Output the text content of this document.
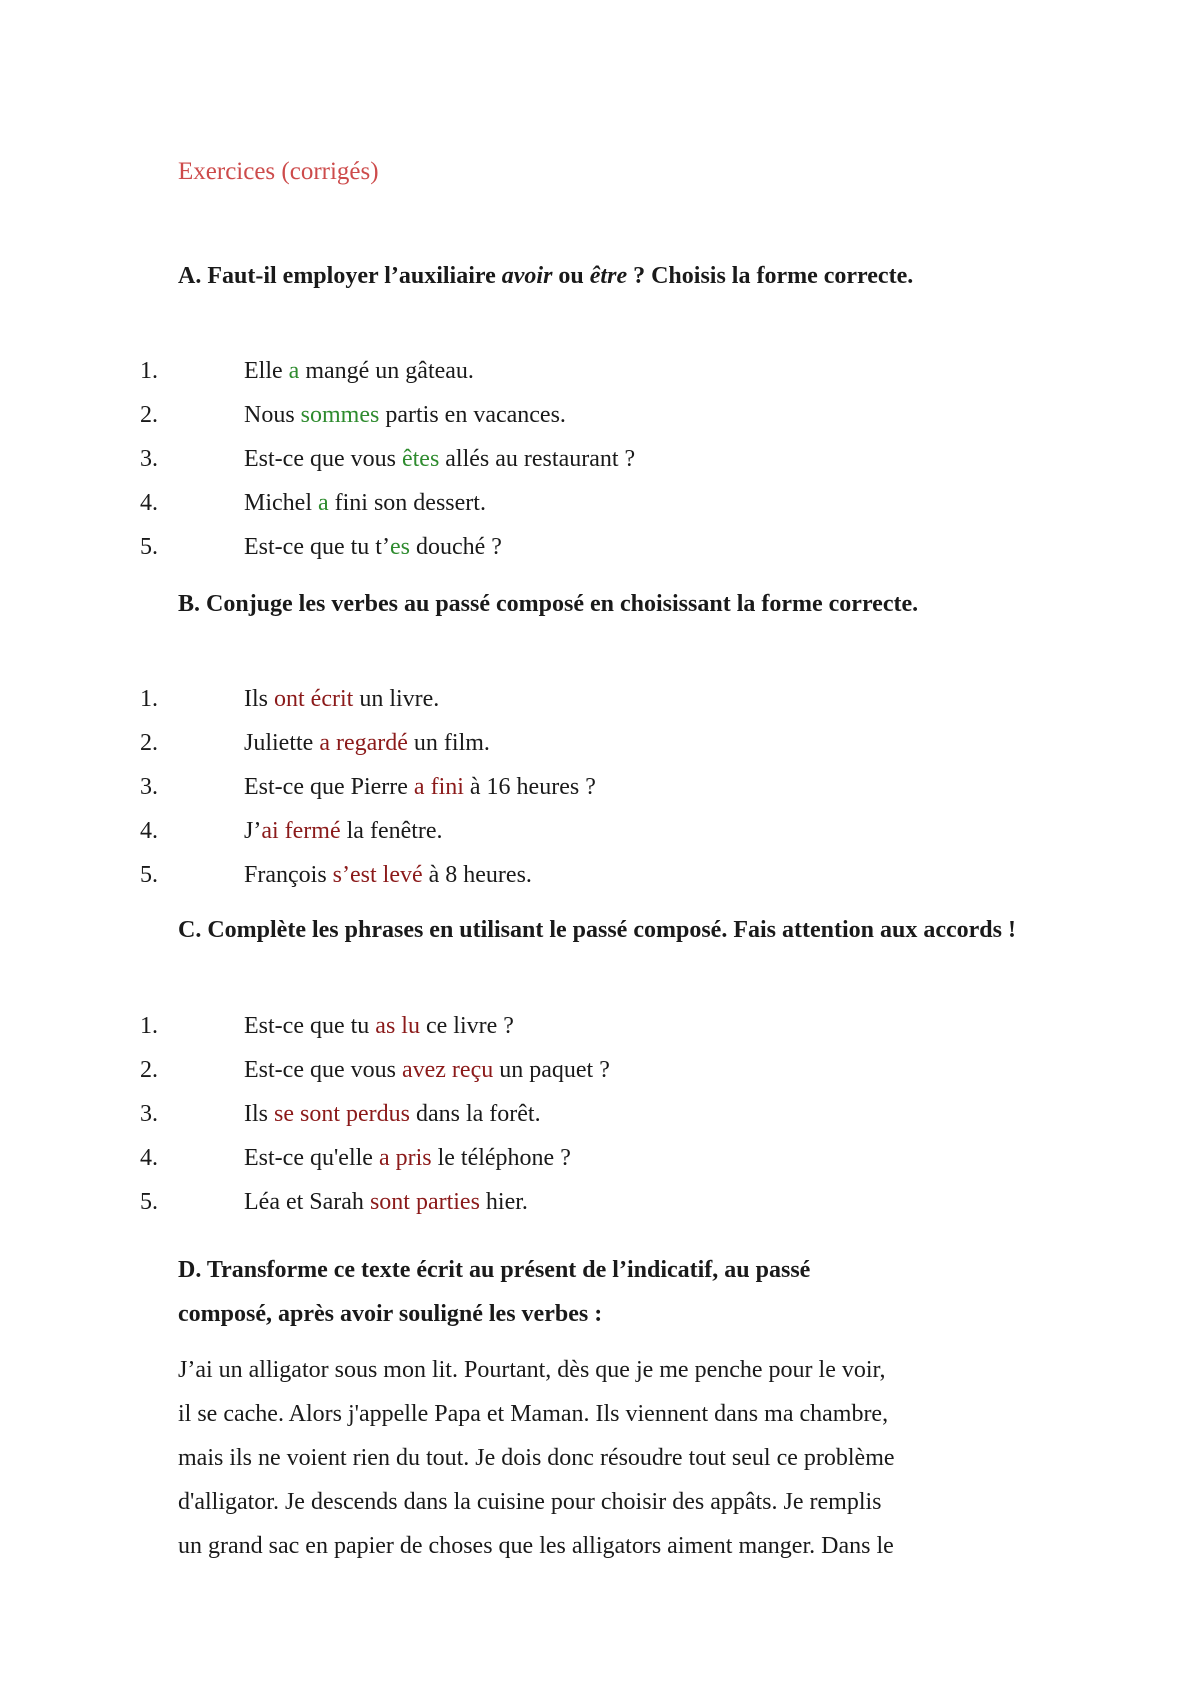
Exercices (corrigés)
A. Faut-il employer l’auxiliaire avoir ou être ? Choisis la forme correcte.
1.	Elle a mangé un gâteau.
2.	Nous sommes partis en vacances.
3.	Est-ce que vous êtes allés au restaurant ?
4.	Michel a fini son dessert.
5.	Est-ce que tu t’es douché ?
B. Conjuge les verbes au passé composé en choisissant la forme correcte.
1.	Ils ont écrit un livre.
2.	Juliette a regardé un film.
3.	Est-ce que Pierre a fini à 16 heures ?
4.	J’ai fermé la fenêtre.
5.	François s’est levé à 8 heures.
C. Complète les phrases en utilisant le passé composé. Fais attention aux accords !
1.	Est-ce que tu as lu ce livre ?
2.	Est-ce que vous avez reçu un paquet ?
3.	Ils se sont perdus dans la forêt.
4.	Est-ce qu'elle a pris le téléphone ?
5.	Léa et Sarah sont parties hier.
D. Transforme ce texte écrit au présent de l’indicatif, au passé
composé, après avoir souligné les verbes :
J’ai un alligator sous mon lit. Pourtant, dès que je me penche pour le voir,
il se cache. Alors j'appelle Papa et Maman. Ils viennent dans ma chambre,
mais ils ne voient rien du tout. Je dois donc résoudre tout seul ce problème
d'alligator. Je descends dans la cuisine pour choisir des appâts. Je remplis
un grand sac en papier de choses que les alligators aiment manger. Dans le
